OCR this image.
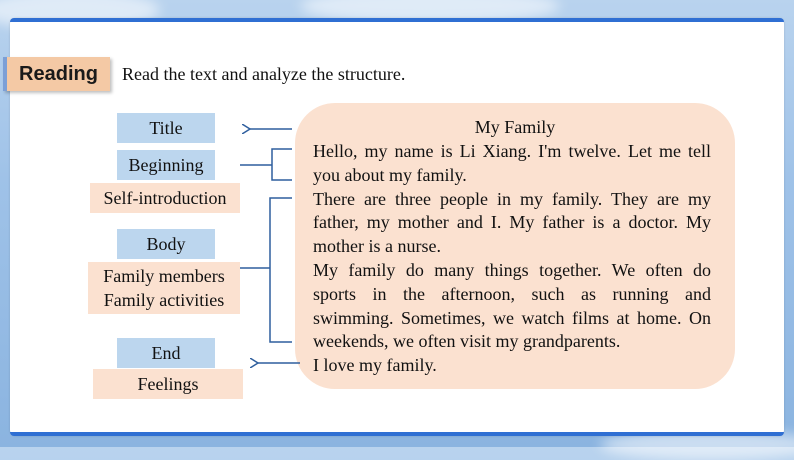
Reading	Read the text and analyze the structure.
Title
Beginning
Self-introduction
Body
Family members
Family activities
End
Feelings
My Family

Hello, my name is Li Xiang. I'm twelve. Let me tell you about my family.

There are three people in my family. They are my father, my mother and I. My father is a doctor. My mother is a nurse.

My family do many things together. We often do sports in the afternoon, such as running and swimming. Sometimes, we watch films at home. On weekends, we often visit my grandparents.

I love my family.
